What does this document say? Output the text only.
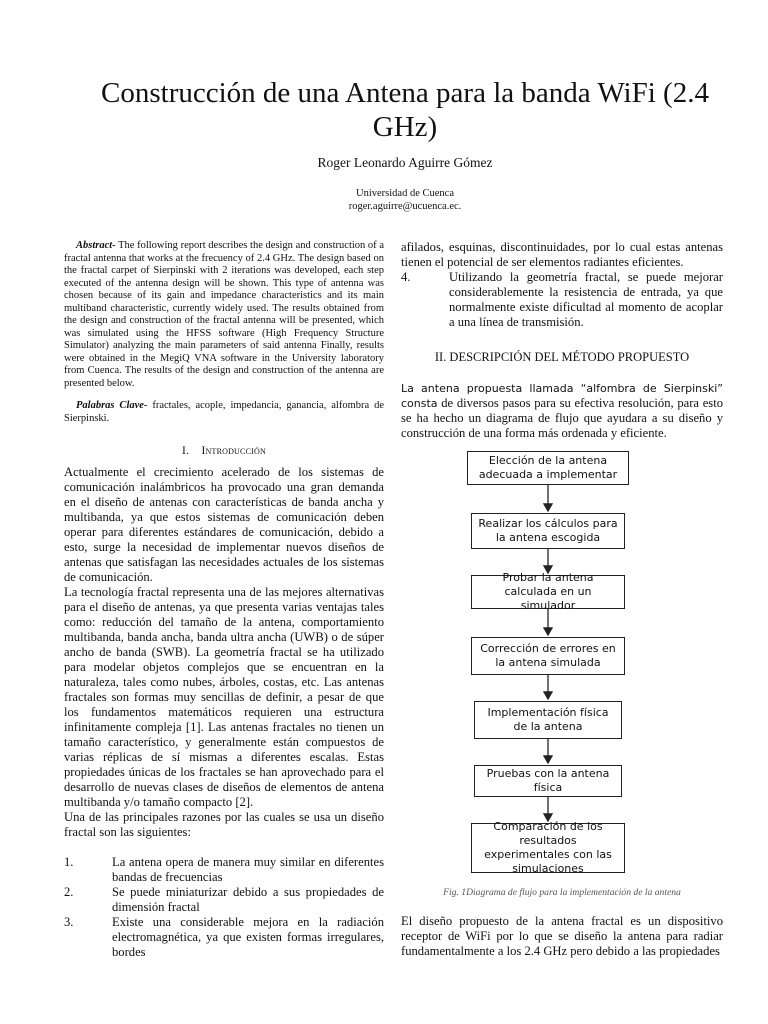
Construcción de una Antena para la banda WiFi (2.4 GHz)
Roger Leonardo Aguirre Gómez
Universidad de Cuenca
roger.aguirre@ucuenca.ec.

Abstract- The following report describes the design and construction of a fractal antenna that works at the frecuency of 2.4 GHz. The design based on the fractal carpet of Sierpinski with 2 iterations was developed, each step executed of the antenna design will be shown. This type of antenna was chosen because of its gain and impedance characteristics and its main multiband characteristic, currently widely used. The results obtained from the design and construction of the fractal antenna will be presented, which was simulated using the HFSS software (High Frequency Structure Simulator) analyzing the main parameters of said antenna Finally, results were obtained in the MegiQ VNA software in the University laboratory from Cuenca. The results of the design and construction of the antenna are presented below.

Palabras Clave- fractales, acople, impedancia, ganancia, alfombra de Sierpinski.

I. Introducción

Actualmente el crecimiento acelerado de los sistemas de comunicación inalámbricos ha provocado una gran demanda en el diseño de antenas con características de banda ancha y multibanda, ya que estos sistemas de comunicación deben operar para diferentes estándares de comunicación, debido a esto, surge la necesidad de implementar nuevos diseños de antenas que satisfagan las necesidades actuales de los sistemas de comunicación.

La tecnología fractal representa una de las mejores alternativas para el diseño de antenas, ya que presenta varias ventajas tales como: reducción del tamaño de la antena, comportamiento multibanda, banda ancha, banda ultra ancha (UWB) o de súper ancho de banda (SWB). La geometría fractal se ha utilizado para modelar objetos complejos que se encuentran en la naturaleza, tales como nubes, árboles, costas, etc. Las antenas fractales son formas muy sencillas de definir, a pesar de que los fundamentos matemáticos requieren una estructura infinitamente compleja [1]. Las antenas fractales no tienen un tamaño característico, y generalmente están compuestos de varias réplicas de sí mismas a diferentes escalas. Estas propiedades únicas de los fractales se han aprovechado para el desarrollo de nuevas clases de diseños de elementos de antena multibanda y/o tamaño compacto [2].

Una de las principales razones por las cuales se usa un diseño fractal son las siguientes:

1.	La antena opera de manera muy similar en diferentes bandas de frecuencias
2.	Se puede miniaturizar debido a sus propiedades de dimensión fractal
3.	Existe una considerable mejora en la radiación electromagnética, ya que existen formas irregulares, bordes

afilados, esquinas, discontinuidades, por lo cual estas antenas tienen el potencial de ser elementos radiantes eficientes.

4.	Utilizando la geometría fractal, se puede mejorar considerablemente la resistencia de entrada, ya que normalmente existe dificultad al momento de acoplar a una línea de transmisión.
II. DESCRIPCIÓN DEL MÉTODO PROPUESTO

La antena propuesta llamada “alfombra de Sierpinski” consta de diversos pasos para su efectiva resolución, para esto se ha hecho un diagrama de flujo que ayudara a su diseño y construcción de una forma más ordenada y eficiente.

Elección de la antena adecuada a implementar
Realizar los cálculos para la antena escogida
Probar la antena calculada en un simulador
Corrección de errores en la antena simulada
Implementación física de la antena
Pruebas con la antena física
Comparación de los resultados experimentales con las simulaciones
Fig. 1Diagrama de flujo para la implementación de la antena

El diseño propuesto de la antena fractal es un dispositivo receptor de WiFi por lo que se diseño la antena para radiar fundamentalmente a los 2.4 GHz pero debido a las propiedades
